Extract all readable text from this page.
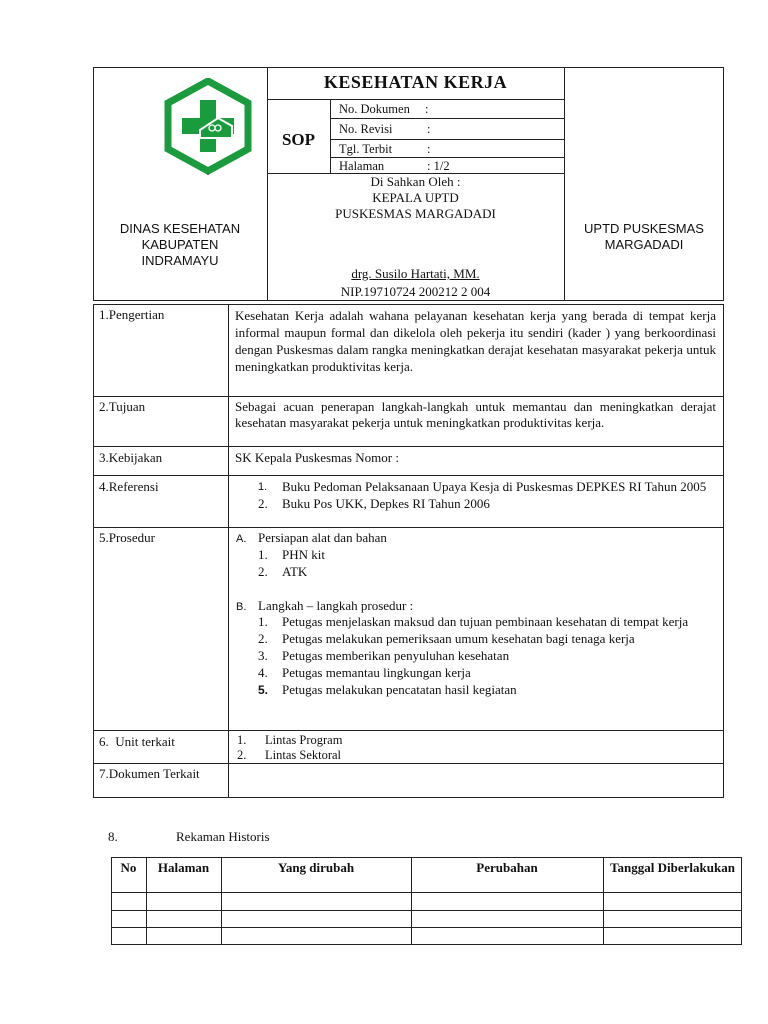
DINAS KESEHATAN
KABUPATEN
INDRAMAYU
KESEHATAN KERJA
SOP
No. Dokumen :
No. Revisi	:
Tgl. Terbit	:
Halaman	: 1/2
Di Sahkan Oleh :
KEPALA UPTD
PUSKESMAS MARGADADI
drg. Susilo Hartati, MM.
NIP.19710724 200212 2 004
UPTD PUSKESMAS
MARGADADI
1.Pengertian	Kesehatan Kerja adalah wahana pelayanan kesehatan kerja yang berada di tempat kerja informal maupun formal dan dikelola oleh pekerja itu sendiri (kader ) yang berkoordinasi dengan Puskesmas dalam rangka meningkatkan derajat kesehatan masyarakat pekerja untuk meningkatkan produktivitas kerja.
2.Tujuan	Sebagai acuan penerapan langkah-langkah untuk memantau dan meningkatkan derajat kesehatan masyarakat pekerja untuk meningkatkan produktivitas kerja.
3.Kebijakan	SK Kepala Puskesmas Nomor :
4.Referensi	1.	Buku Pedoman Pelaksanaan Upaya Kesja di Puskesmas DEPKES RI Tahun 2005
2.	Buku Pos UKK, Depkes RI Tahun 2006
5.Prosedur	A. Persiapan alat dan bahan
1.	PHN kit
2.	ATK
B. Langkah – langkah prosedur :
1.	Petugas menjelaskan maksud dan tujuan pembinaan kesehatan di tempat kerja
2.	Petugas melakukan pemeriksaan umum kesehatan bagi tenaga kerja
3.	Petugas memberikan penyuluhan kesehatan
4.	Petugas memantau lingkungan kerja
5.	Petugas melakukan pencatatan hasil kegiatan
6.  Unit terkait	1.	Lintas Program
2.	Lintas Sektoral
7.Dokumen Terkait
8.	Rekaman Historis
No	Halaman	Yang dirubah	Perubahan	Tanggal Diberlakukan
